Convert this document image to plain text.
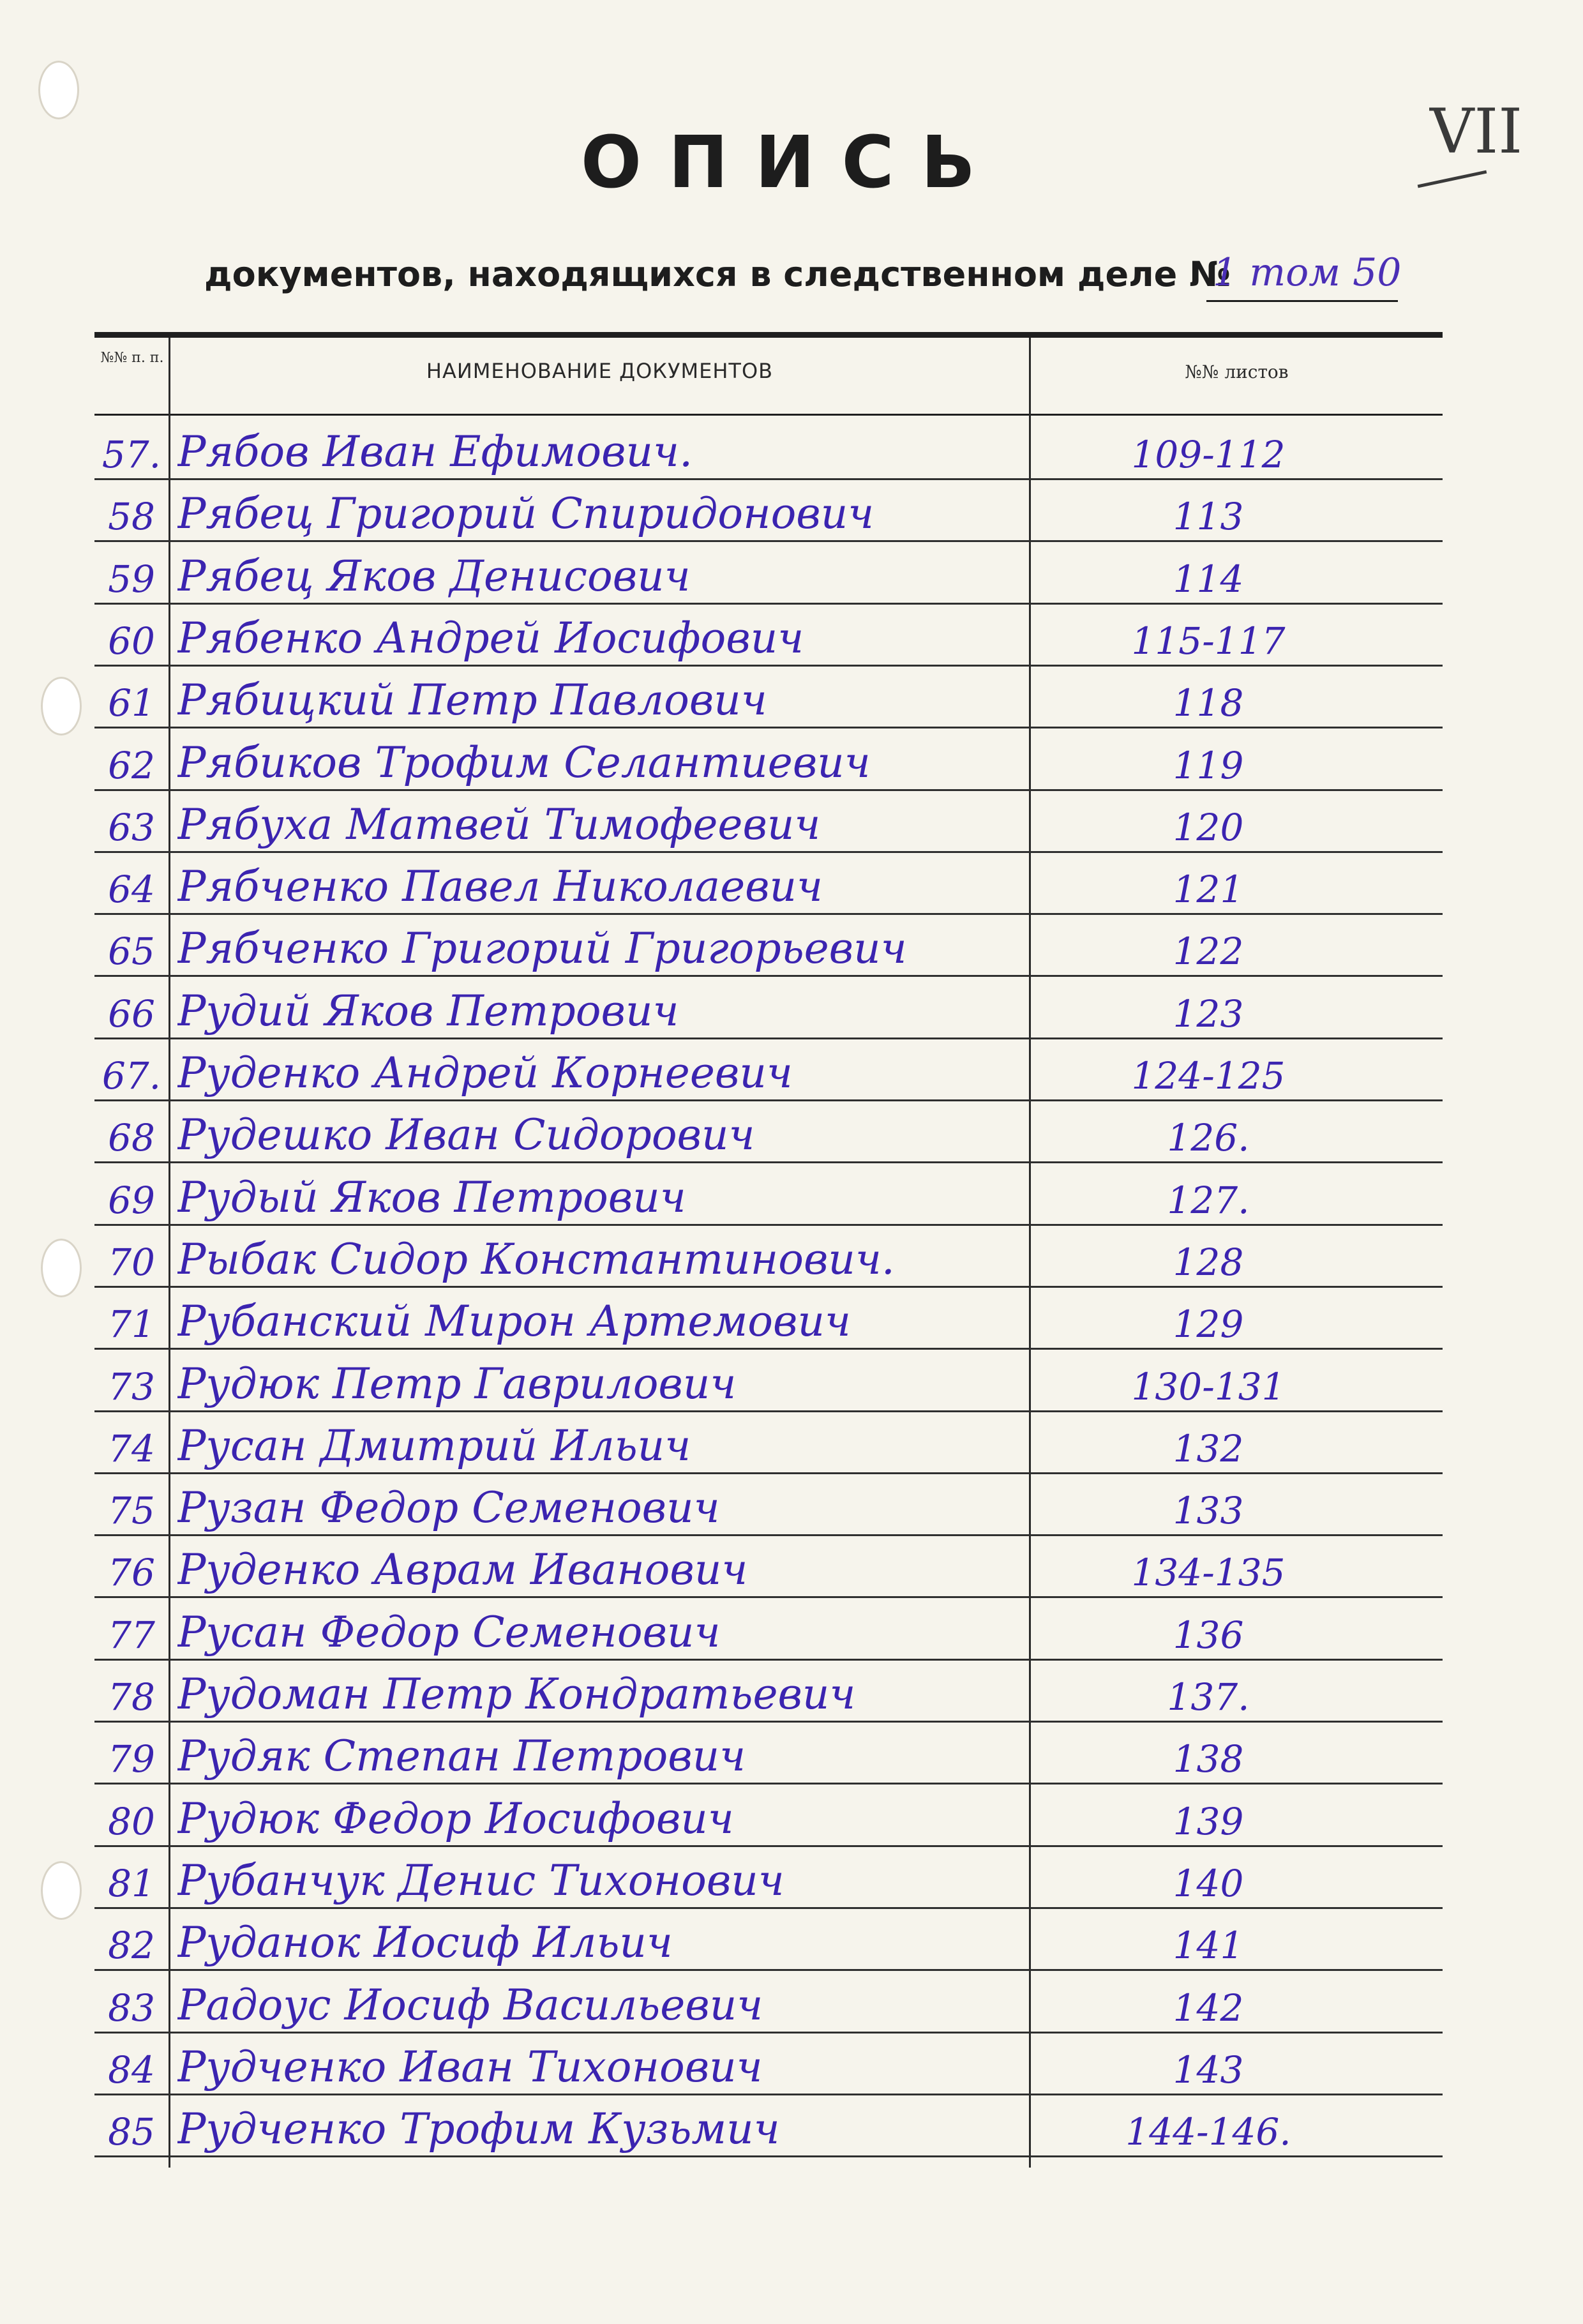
VII
ОПИСЬ
документов, находящихся в следственном деле №
1 том 50
№№ п. п.
НАИМЕНОВАНИЕ ДОКУМЕНТОВ	№№ листов
57. Рябов Иван Ефимович.	109-112
58 Рябец Григорий Спиридонович	113
59 Рябец Яков Денисович	114
60 Рябенко Андрей Иосифович	115-117
61 Рябицкий Петр Павлович	118
62 Рябиков Трофим Селантиевич	119
63 Рябуха Матвей Тимофеевич	120
64 Рябченко Павел Николаевич	121
65 Рябченко Григорий Григорьевич	122
66 Рудий Яков Петрович	123
67. Руденко Андрей Корнеевич	124-125
68 Рудешко Иван Сидорович	126.
69 Рудый Яков Петрович	127.
70 Рыбак Сидор Константинович.	128
71 Рубанский Мирон Артемович	129
73 Рудюк Петр Гаврилович	130-131
74 Русан Дмитрий Ильич	132
75 Рузан Федор Семенович	133
76 Руденко Аврам Иванович	134-135
77 Русан Федор Семенович	136
78 Рудоман Петр Кондратьевич	137.
79 Рудяк Степан Петрович	138
80 Рудюк Федор Иосифович	139
81 Рубанчук Денис Тихонович	140
82 Руданок Иосиф Ильич	141
83 Радоус Иосиф Васильевич	142
84 Рудченко Иван Тихонович	143
85 Рудченко Трофим Кузьмич	144-146.
